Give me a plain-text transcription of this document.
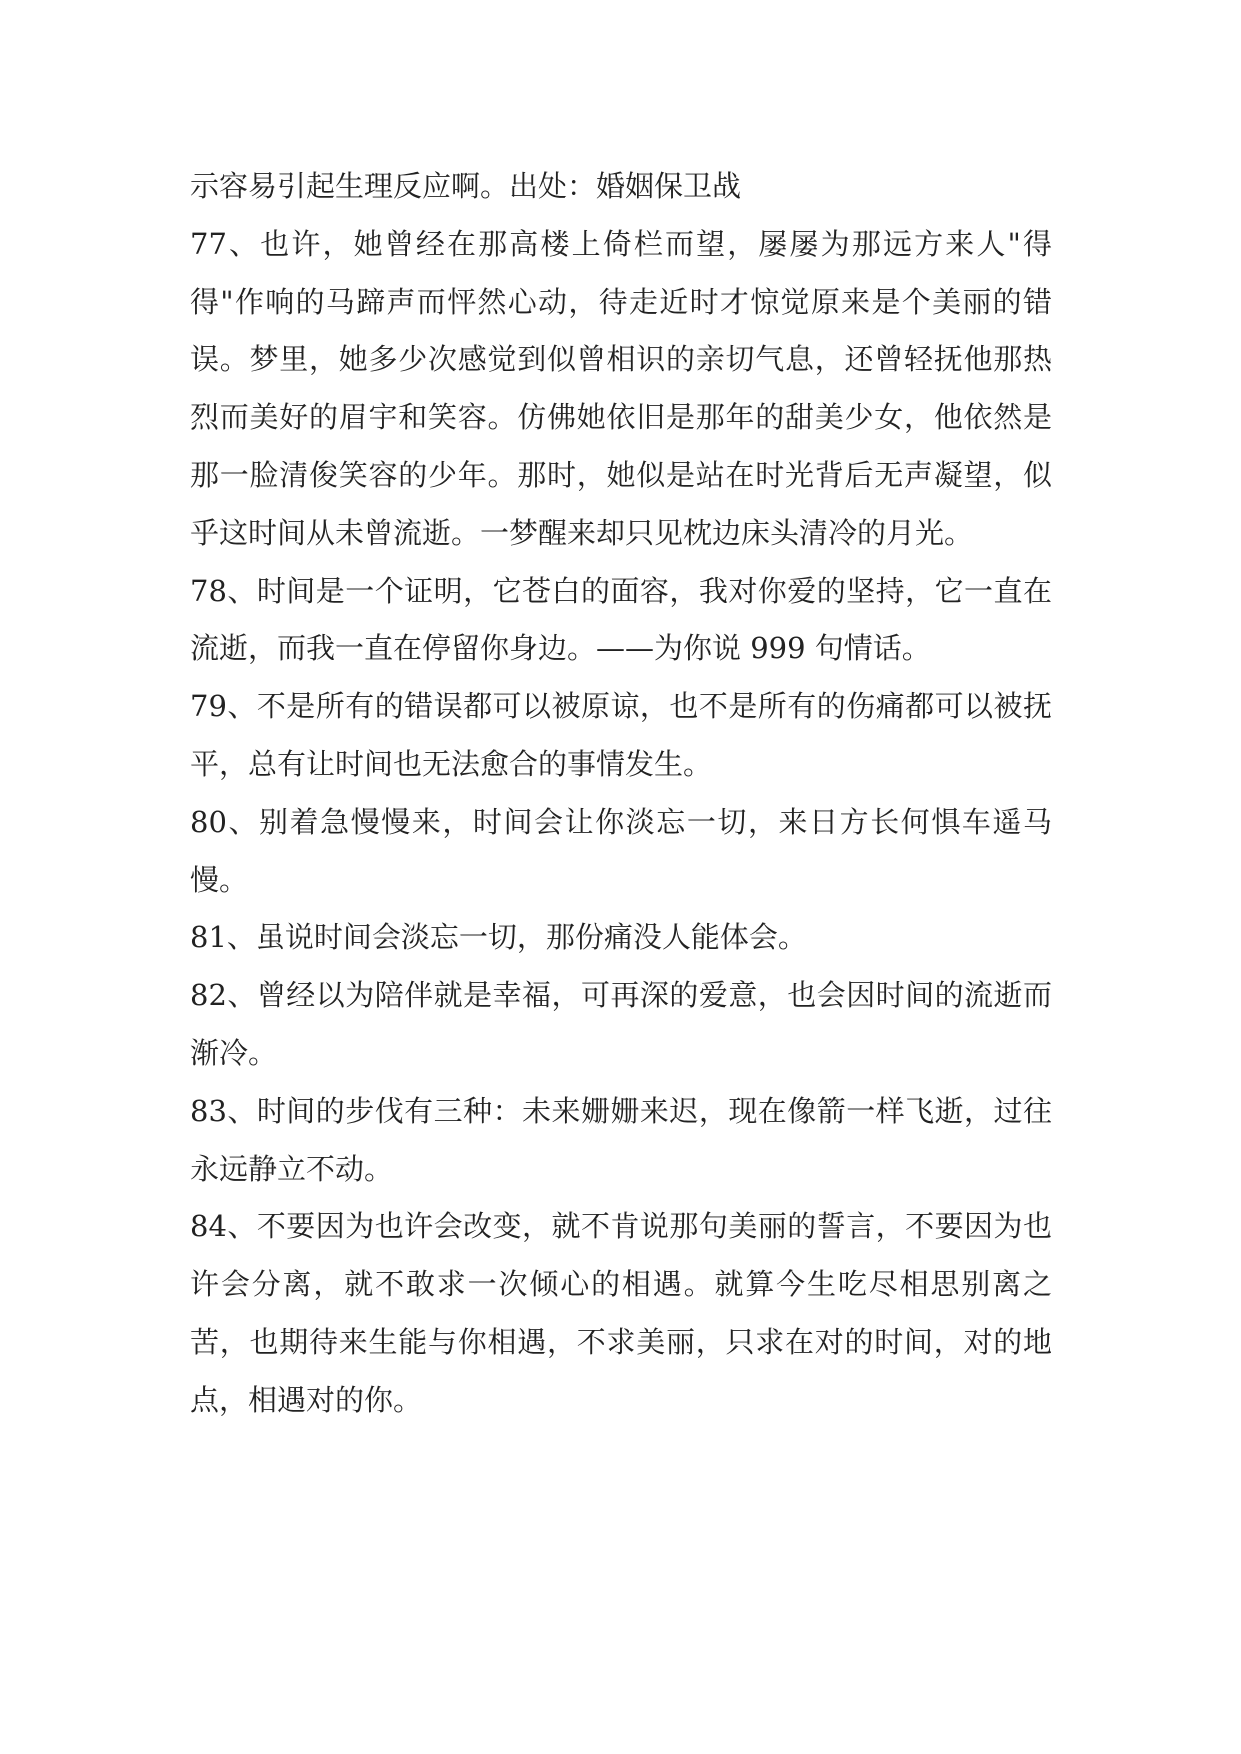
示容易引起生理反应啊。出处：婚姻保卫战

77、也许，她曾经在那高楼上倚栏而望，屡屡为那远方来人"得得"作响的马蹄声而怦然心动，待走近时才惊觉原来是个美丽的错误。梦里，她多少次感觉到似曾相识的亲切气息，还曾轻抚他那热烈而美好的眉宇和笑容。仿佛她依旧是那年的甜美少女，他依然是那一脸清俊笑容的少年。那时，她似是站在时光背后无声凝望，似乎这时间从未曾流逝。一梦醒来却只见枕边床头清冷的月光。

78、时间是一个证明，它苍白的面容，我对你爱的坚持，它一直在流逝，而我一直在停留你身边。——为你说 999 句情话。

79、不是所有的错误都可以被原谅，也不是所有的伤痛都可以被抚平，总有让时间也无法愈合的事情发生。

80、别着急慢慢来，时间会让你淡忘一切，来日方长何惧车遥马慢。

81、虽说时间会淡忘一切，那份痛没人能体会。

82、曾经以为陪伴就是幸福，可再深的爱意，也会因时间的流逝而渐冷。

83、时间的步伐有三种：未来姗姗来迟，现在像箭一样飞逝，过往永远静立不动。

84、不要因为也许会改变，就不肯说那句美丽的誓言，不要因为也许会分离，就不敢求一次倾心的相遇。就算今生吃尽相思别离之苦，也期待来生能与你相遇，不求美丽，只求在对的时间，对的地点，相遇对的你。
